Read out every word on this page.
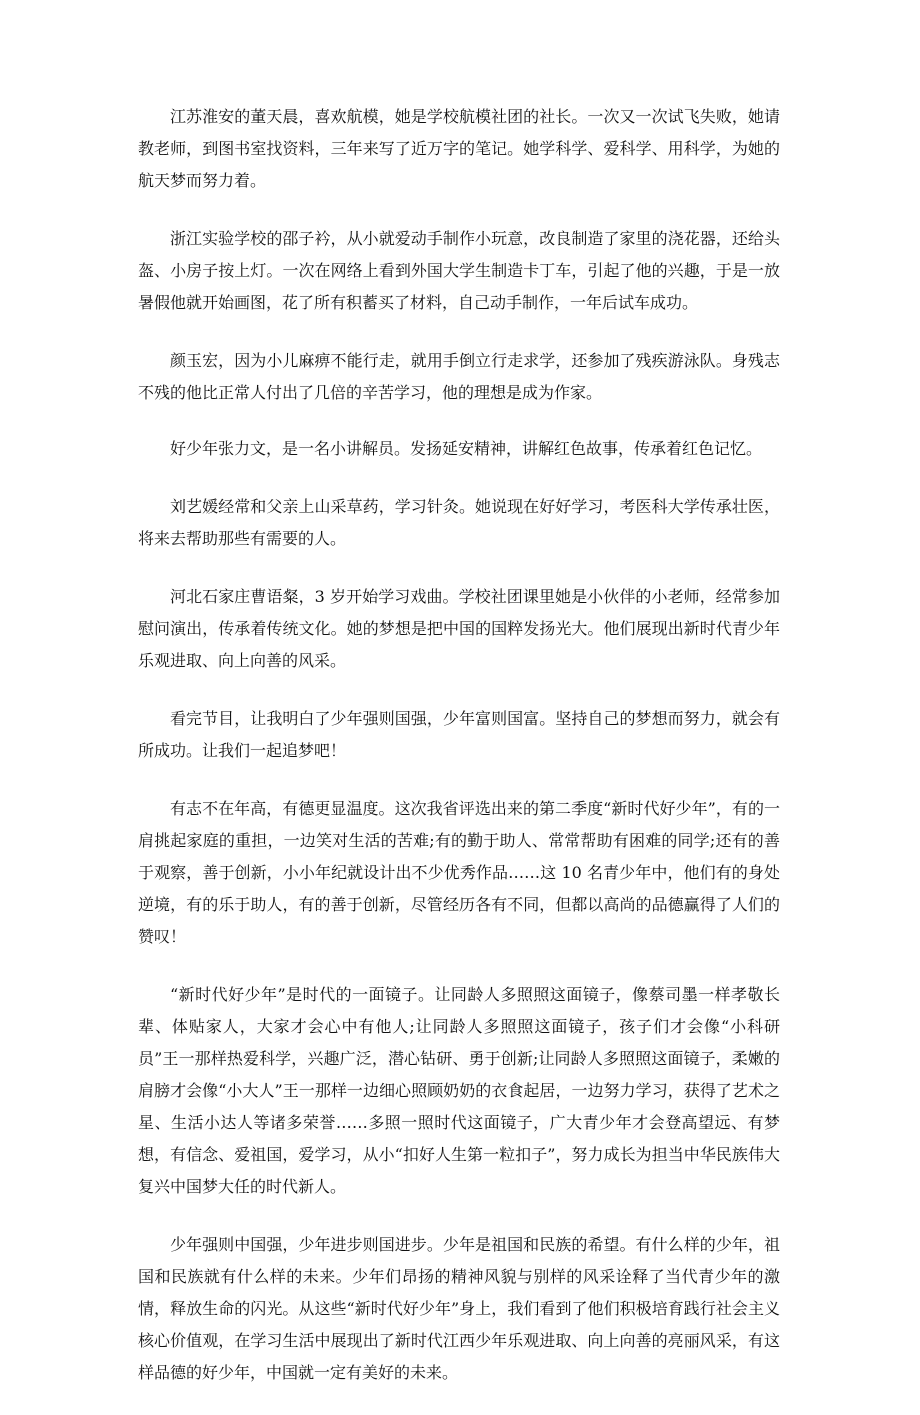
江苏淮安的董天晨，喜欢航模，她是学校航模社团的社长。一次又一次试飞失败，她请教老师，到图书室找资料，三年来写了近万字的笔记。她学科学、爱科学、用科学，为她的航天梦而努力着。

浙江实验学校的邵子衿，从小就爱动手制作小玩意，改良制造了家里的浇花器，还给头盔、小房子按上灯。一次在网络上看到外国大学生制造卡丁车，引起了他的兴趣，于是一放暑假他就开始画图，花了所有积蓄买了材料，自己动手制作，一年后试车成功。

颜玉宏，因为小儿麻痹不能行走，就用手倒立行走求学，还参加了残疾游泳队。身残志不残的他比正常人付出了几倍的辛苦学习，他的理想是成为作家。

好少年张力文，是一名小讲解员。发扬延安精神，讲解红色故事，传承着红色记忆。

刘艺媛经常和父亲上山采草药，学习针灸。她说现在好好学习，考医科大学传承壮医，将来去帮助那些有需要的人。

河北石家庄曹语粲，3 岁开始学习戏曲。学校社团课里她是小伙伴的小老师，经常参加慰问演出，传承着传统文化。她的梦想是把中国的国粹发扬光大。他们展现出新时代青少年乐观进取、向上向善的风采。

看完节目，让我明白了少年强则国强，少年富则国富。坚持自己的梦想而努力，就会有所成功。让我们一起追梦吧！

有志不在年高，有德更显温度。这次我省评选出来的第二季度“新时代好少年”，有的一肩挑起家庭的重担，一边笑对生活的苦难;有的勤于助人、常常帮助有困难的同学;还有的善于观察，善于创新，小小年纪就设计出不少优秀作品……这 10 名青少年中，他们有的身处逆境，有的乐于助人，有的善于创新，尽管经历各有不同，但都以高尚的品德赢得了人们的赞叹！

“新时代好少年”是时代的一面镜子。让同龄人多照照这面镜子，像蔡司墨一样孝敬长辈、体贴家人，大家才会心中有他人;让同龄人多照照这面镜子，孩子们才会像“小科研员”王一那样热爱科学，兴趣广泛，潜心钻研、勇于创新;让同龄人多照照这面镜子，柔嫩的肩膀才会像“小大人”王一那样一边细心照顾奶奶的衣食起居，一边努力学习，获得了艺术之星、生活小达人等诸多荣誉……多照一照时代这面镜子，广大青少年才会登高望远、有梦想，有信念、爱祖国，爱学习，从小“扣好人生第一粒扣子”，努力成长为担当中华民族伟大复兴中国梦大任的时代新人。

少年强则中国强，少年进步则国进步。少年是祖国和民族的希望。有什么样的少年，祖国和民族就有什么样的未来。少年们昂扬的精神风貌与别样的风采诠释了当代青少年的激情，释放生命的闪光。从这些“新时代好少年”身上，我们看到了他们积极培育践行社会主义核心价值观，在学习生活中展现出了新时代江西少年乐观进取、向上向善的亮丽风采，有这样品德的好少年，中国就一定有美好的未来。
